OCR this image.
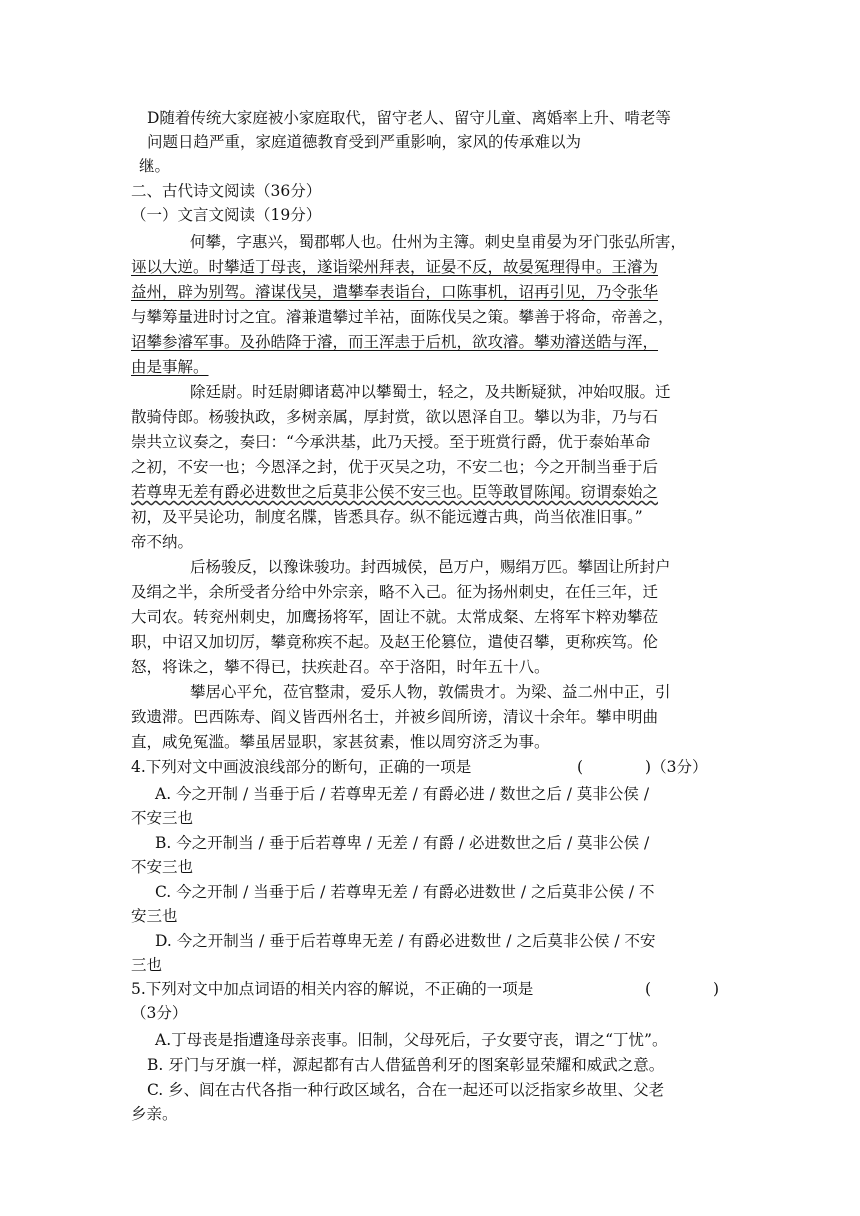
D随着传统大家庭被小家庭取代，留守老人、留守儿童、离婚率上升、啃老等
问题日趋严重，家庭道德教育受到严重影响，家风的传承难以为
继。
二、古代诗文阅读（36分）
（一）文言文阅读（19分）
何攀，字惠兴，蜀郡郫人也。仕州为主簿。刺史皇甫晏为牙门张弘所害，
诬以大逆。时攀适丁母丧，遂诣梁州拜表，证晏不反，故晏冤理得申。王濬为
益州，辟为别驾。濬谋伐吴，遣攀奉表诣台，口陈事机，诏再引见，乃令张华
与攀筹量进时讨之宜。濬兼遣攀过羊祜，面陈伐吴之策。攀善于将命，帝善之，
诏攀参濬军事。及孙皓降于濬，而王浑恚于后机，欲攻濬。攀劝濬送皓与浑，
由是事解。
除廷尉。时廷尉卿诸葛冲以攀蜀士，轻之，及共断疑狱，冲始叹服。迁
散骑侍郎。杨骏执政，多树亲属，厚封赏，欲以恩泽自卫。攀以为非，乃与石
崇共立议奏之，奏曰：“今承洪基，此乃天授。至于班赏行爵，优于泰始革命
之初，不安一也；今恩泽之封，优于灭吴之功，不安二也；今之开制当垂于后
若尊卑无差有爵必进数世之后莫非公侯不安三也。臣等敢冒陈闻。窃谓泰始之
初，及平吴论功，制度名牒，皆悉具存。纵不能远遵古典，尚当依准旧事。”
帝不纳。
后杨骏反，以豫诛骏功。封西城侯，邑万户，赐绢万匹。攀固让所封户
及绢之半，余所受者分给中外宗亲，略不入己。征为扬州刺史，在任三年，迁
大司农。转兖州刺史，加鹰扬将军，固让不就。太常成粲、左将军卞粹劝攀莅
职，中诏又加切厉，攀竟称疾不起。及赵王伦篡位，遣使召攀，更称疾笃。伦
怒，将诛之，攀不得已，扶疾赴召。卒于洛阳，时年五十八。
攀居心平允，莅官整肃，爱乐人物，敦儒贵才。为梁、益二州中正，引
致遗滞。巴西陈寿、阎义皆西州名士，并被乡闾所谤，清议十余年。攀申明曲
直，咸免冤滥。攀虽居显职，家甚贫素，惟以周穷济乏为事。
4.下列对文中画波浪线部分的断句，正确的一项是	(　　　　)（3分）
A. 今之开制 / 当垂于后 / 若尊卑无差 / 有爵必进 / 数世之后 / 莫非公侯 /
不安三也
B. 今之开制当 / 垂于后若尊卑 / 无差 / 有爵 / 必进数世之后 / 莫非公侯 /
不安三也
C. 今之开制 / 当垂于后 / 若尊卑无差 / 有爵必进数世 / 之后莫非公侯 / 不
安三也
D. 今之开制当 / 垂于后若尊卑无差 / 有爵必进数世 / 之后莫非公侯 / 不安
三也
5.下列对文中加点词语的相关内容的解说，不正确的一项是	(　　　　)
（3分）
A.丁母丧是指遭逢母亲丧事。旧制，父母死后，子女要守丧，谓之“丁忧”。
B. 牙门与牙旗一样，源起都有古人借猛兽利牙的图案彰显荣耀和威武之意。
C. 乡、闾在古代各指一种行政区域名，合在一起还可以泛指家乡故里、父老
乡亲。
